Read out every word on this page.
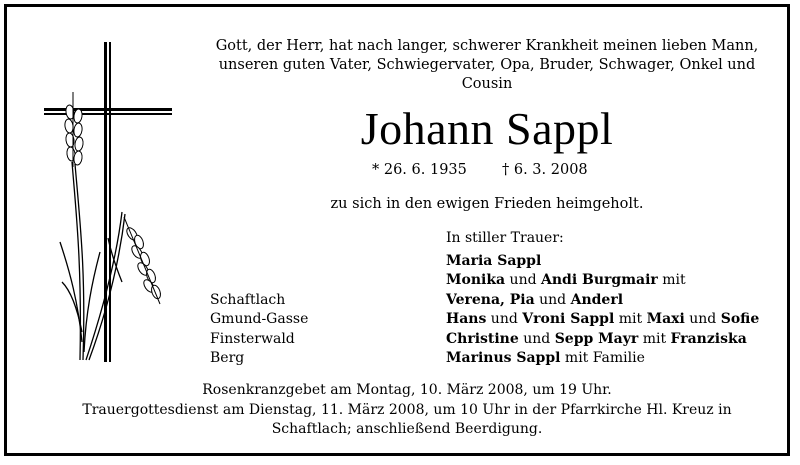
Gott, der Herr, hat nach langer, schwerer Krankheit meinen lieben Mann,
unseren guten Vater, Schwiegervater, Opa, Bruder, Schwager, Onkel und
Cousin
Johann Sappl
* 26. 6. 1935 † 6. 3. 2008
zu sich in den ewigen Frieden heimgeholt.
In stiller Trauer:
Maria Sappl
Monika und Andi Burgmair mit
Verena, Pia und Anderl
Hans und Vroni Sappl mit Maxi und Sofie
Christine und Sepp Mayr mit Franziska
Marinus Sappl mit Familie
Schaftlach
Gmund-Gasse
Finsterwald
Berg
Rosenkranzgebet am Montag, 10. März 2008, um 19 Uhr.
Trauergottesdienst am Dienstag, 11. März 2008, um 10 Uhr in der Pfarrkirche Hl. Kreuz in
Schaftlach; anschließend Beerdigung.
